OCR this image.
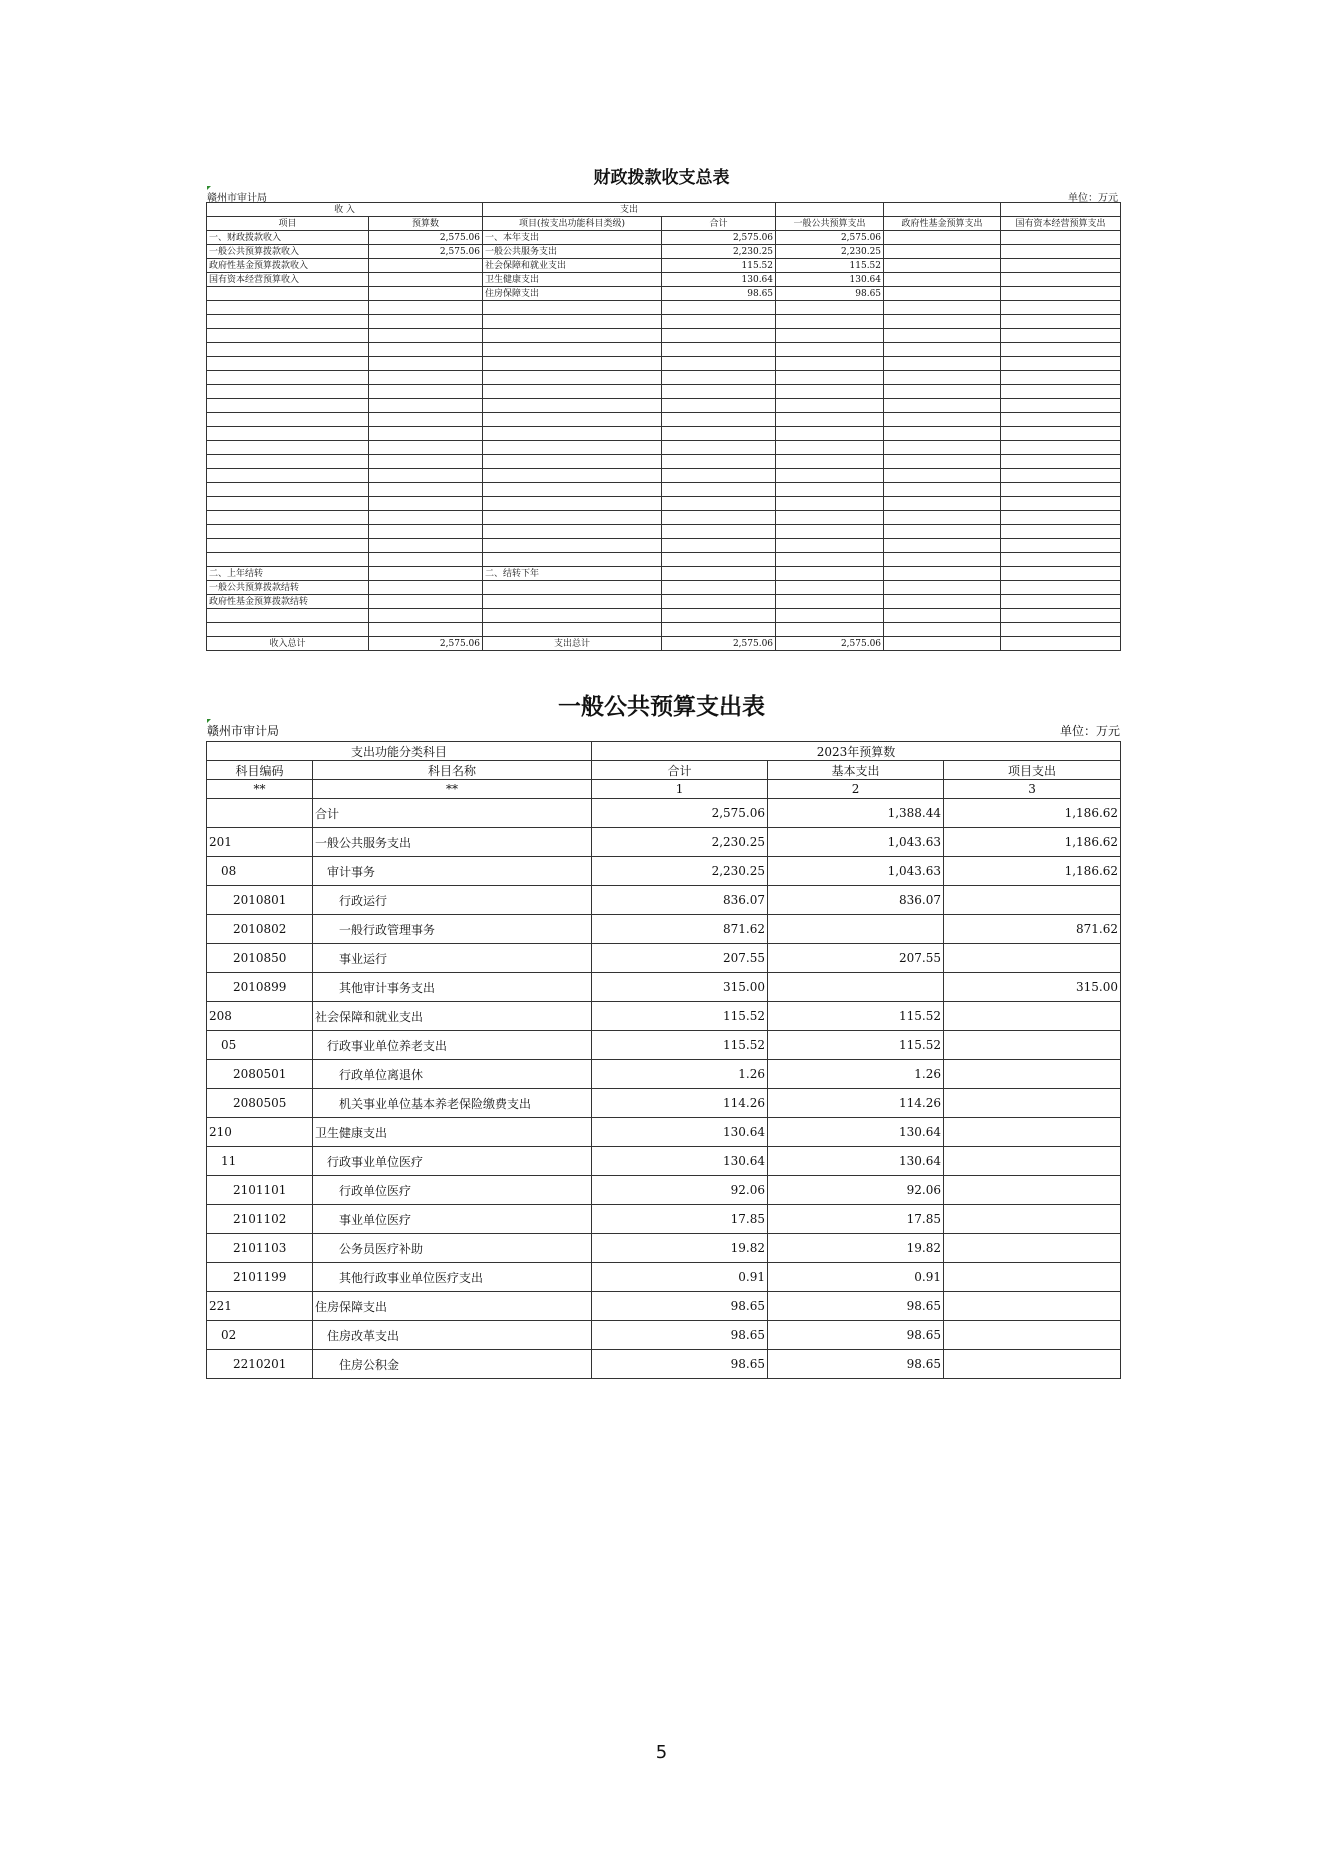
财政拨款收支总表
赣州市审计局	单位：万元
收 入		支出				
项目	预算数	项目(按支出功能科目类级)	合计	一般公共预算支出	政府性基金预算支出	国有资本经营预算支出
一、财政拨款收入	2,575.06	一、本年支出	2,575.06	2,575.06		
一般公共预算拨款收入	2,575.06	一般公共服务支出	2,230.25	2,230.25		
政府性基金预算拨款收入		社会保障和就业支出	115.52	115.52		
国有资本经营预算收入		卫生健康支出	130.64	130.64		
		住房保障支出	98.65	98.65		

二、上年结转		二、结转下年				
一般公共预算拨款结转						
政府性基金预算拨款结转						

收入总计	2,575.06	支出总计	2,575.06	2,575.06		
一般公共预算支出表
赣州市审计局	单位：万元
支出功能分类科目		2023年预算数		
科目编码	科目名称	合计	基本支出	项目支出
**	**	1	2	3
	合计	2,575.06	1,388.44	1,186.62
201	一般公共服务支出	2,230.25	1,043.63	1,186.62
08	审计事务	2,230.25	1,043.63	1,186.62
2010801	行政运行	836.07	836.07	
2010802	一般行政管理事务	871.62		871.62
2010850	事业运行	207.55	207.55	
2010899	其他审计事务支出	315.00		315.00
208	社会保障和就业支出	115.52	115.52	
05	行政事业单位养老支出	115.52	115.52	
2080501	行政单位离退休	1.26	1.26	
2080505	机关事业单位基本养老保险缴费支出	114.26	114.26	
210	卫生健康支出	130.64	130.64	
11	行政事业单位医疗	130.64	130.64	
2101101	行政单位医疗	92.06	92.06	
2101102	事业单位医疗	17.85	17.85	
2101103	公务员医疗补助	19.82	19.82	
2101199	其他行政事业单位医疗支出	0.91	0.91	
221	住房保障支出	98.65	98.65	
02	住房改革支出	98.65	98.65	
2210201	住房公积金	98.65	98.65	
5
